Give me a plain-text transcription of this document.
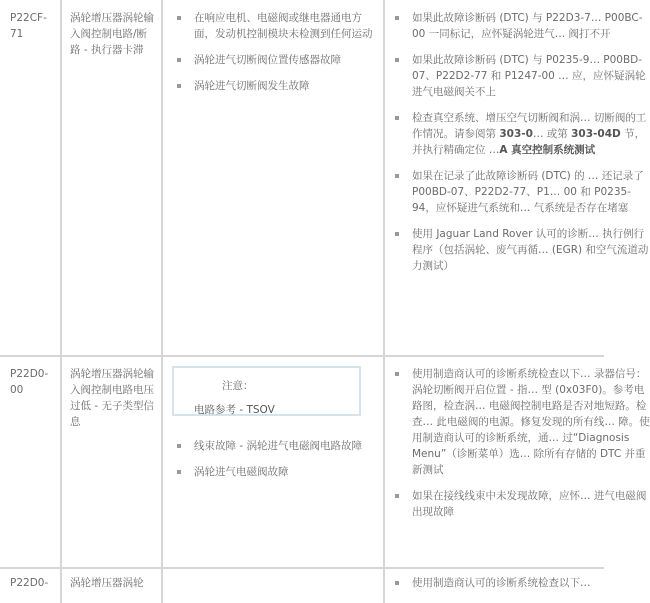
P22CF-71
涡轮增压器涡轮输入阀控制电路/断路 - 执行器卡滞
在响应电机、电磁阀或继电器通电方面，发动机控制模块未检测到任何运动
涡轮进气切断阀位置传感器故障
涡轮进气切断阀发生故障
如果此故障诊断码 (DTC) 与 P22D3-7… P00BC-00 一同标记，应怀疑涡轮进气… 阀打不开
如果此故障诊断码 (DTC) 与 P0235-9… P00BD-07、P22D2-77 和 P1247-00 … 应，应怀疑涡轮进气电磁阀关不上
检查真空系统、增压空气切断阀和涡… 切断阀的工作情况。请参阅第 303-0… 或第 303-04D 节，并执行精确定位 …A 真空控制系统测试
如果在记录了此故障诊断码 (DTC) 的 … 还记录了 P00BD-07、P22D2-77、P1… 00 和 P0235-94，应怀疑进气系统和… 气系统是否存在堵塞
使用 Jaguar Land Rover 认可的诊断… 执行例行程序（包括涡轮、废气再循… (EGR) 和空气流道动力测试）
P22D0-00
涡轮增压器涡轮输入阀控制电路电压过低 - 无子类型信息
注意：
电路参考 - TSOV
线束故障 - 涡轮进气电磁阀电路故障
涡轮进气电磁阀故障
使用制造商认可的诊断系统检查以下… 录器信号：涡轮切断阀开启位置 - 指… 型 (0x03F0)。参考电路图，检查涡… 电磁阀控制电路是否对地短路。检查… 此电磁阀的电源。修复发现的所有线… 障。使用制造商认可的诊断系统，通… 过“Diagnosis Menu”（诊断菜单）选… 除所有存储的 DTC 并重新测试
如果在接线线束中未发现故障，应怀… 进气电磁阀出现故障
P22D0-	涡轮增压器涡轮	使用制造商认可的诊断系统检查以下…
